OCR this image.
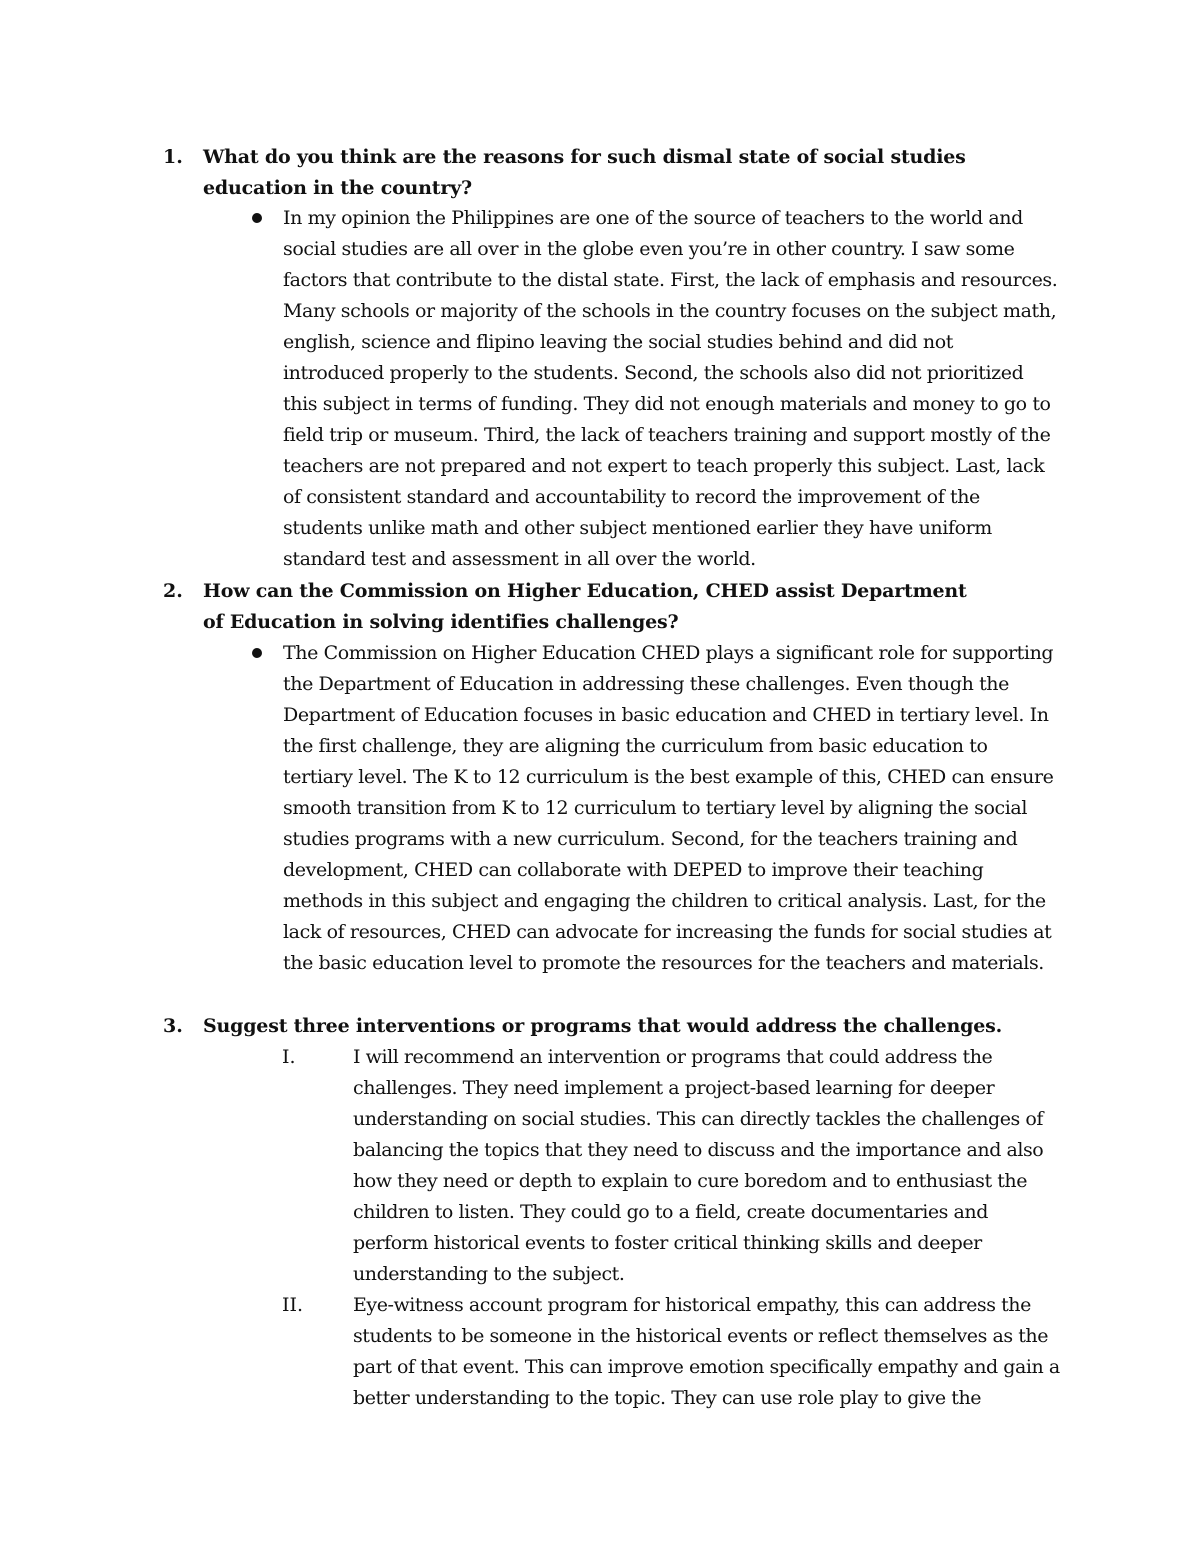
1. What do you think are the reasons for such dismal state of social studies education in the country?
In my opinion the Philippines are one of the source of teachers to the world and social studies are all over in the globe even you’re in other country. I saw some factors that contribute to the distal state. First, the lack of emphasis and resources. Many schools or majority of the schools in the country focuses on the subject math, english, science and flipino leaving the social studies behind and did not introduced properly to the students. Second, the schools also did not prioritized this subject in terms of funding. They did not enough materials and money to go to field trip or museum. Third, the lack of teachers training and support mostly of the teachers are not prepared and not expert to teach properly this subject. Last, lack of consistent standard and accountability to record the improvement of the students unlike math and other subject mentioned earlier they have uniform standard test and assessment in all over the world.
2. How can the Commission on Higher Education, CHED assist Department of Education in solving identifies challenges?
The Commission on Higher Education CHED plays a significant role for supporting the Department of Education in addressing these challenges. Even though the Department of Education focuses in basic education and CHED in tertiary level. In the first challenge, they are aligning the curriculum from basic education to tertiary level. The K to 12 curriculum is the best example of this, CHED can ensure smooth transition from K to 12 curriculum to tertiary level by aligning the social studies programs with a new curriculum. Second, for the teachers training and development, CHED can collaborate with DEPED to improve their teaching methods in this subject and engaging the children to critical analysis. Last, for the lack of resources, CHED can advocate for increasing the funds for social studies at the basic education level to promote the resources for the teachers and materials.
3. Suggest three interventions or programs that would address the challenges.
I.	I will recommend an intervention or programs that could address the challenges. They need implement a project-based learning for deeper understanding on social studies. This can directly tackles the challenges of balancing the topics that they need to discuss and the importance and also how they need or depth to explain to cure boredom and to enthusiast the children to listen. They could go to a field, create documentaries and perform historical events to foster critical thinking skills and deeper understanding to the subject.
II.	Eye-witness account program for historical empathy, this can address the students to be someone in the historical events or reflect themselves as the part of that event. This can improve emotion specifically empathy and gain a better understanding to the topic. They can use role play to give the
